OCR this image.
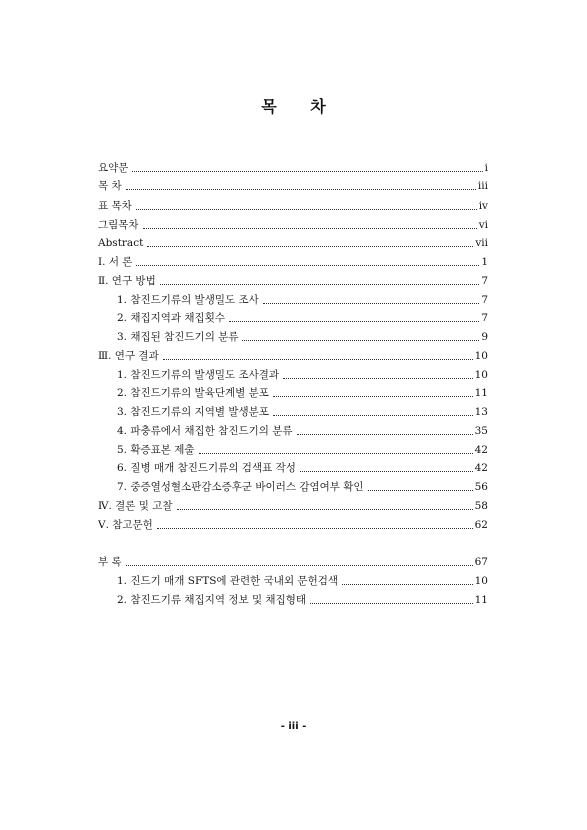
목 차
요약문	i
목 차	iii
표 목차	iv
그림목차	vi
Abstract	vii
Ⅰ. 서 론	1
Ⅱ. 연구 방법	7
1. 참진드기류의 발생밀도 조사	7
2. 채집지역과 채집횟수	7
3. 채집된 참진드기의 분류	9
Ⅲ. 연구 결과	10
1. 참진드기류의 발생밀도 조사결과	10
2. 참진드기류의 발육단계별 분포	11
3. 참진드기류의 지역별 발생분포	13
4. 파충류에서 채집한 참진드기의 분류	35
5. 확증표본 제출	42
6. 질병 매개 참진드기류의 검색표 작성	42
7. 중증열성혈소판감소증후군 바이러스 감염여부 확인	56
Ⅳ. 결론 및 고찰	58
Ⅴ. 참고문헌	62
부 록	67
1. 진드기 매개 SFTS에 관련한 국내외 문헌검색	10
2. 참진드기류 채집지역 정보 및 채집형태	11
- iii -
